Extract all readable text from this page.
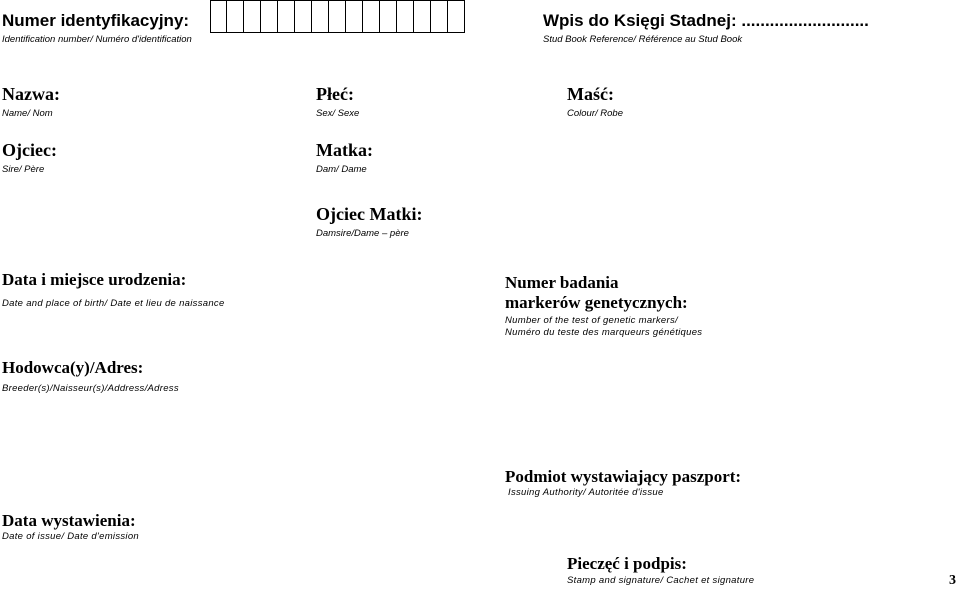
Numer identyfikacyjny:
Identification number/ Numéro d'identification
Wpis do Księgi Stadnej: ...........................
Stud Book Reference/ Référence au Stud Book
Nazwa:
Name/ Nom
Płeć:
Sex/ Sexe
Maść:
Colour/ Robe
Ojciec:
Sire/ Père
Matka:
Dam/ Dame
Ojciec Matki:
Damsire/Dame – père
Data i miejsce urodzenia:
Date and place of birth/ Date et lieu de naissance
Numer badania
markerów genetycznych:
Number of the test of genetic markers/
Numéro du teste des marqueurs génétiques
Hodowca(y)/Adres:
Breeder(s)/Naisseur(s)/Address/Adress
Podmiot wystawiający paszport:
Issuing Authority/ Autoritée d'issue
Data wystawienia:
Date of issue/ Date d'emission
Pieczęć i podpis:
Stamp and signature/ Cachet et signature	3
